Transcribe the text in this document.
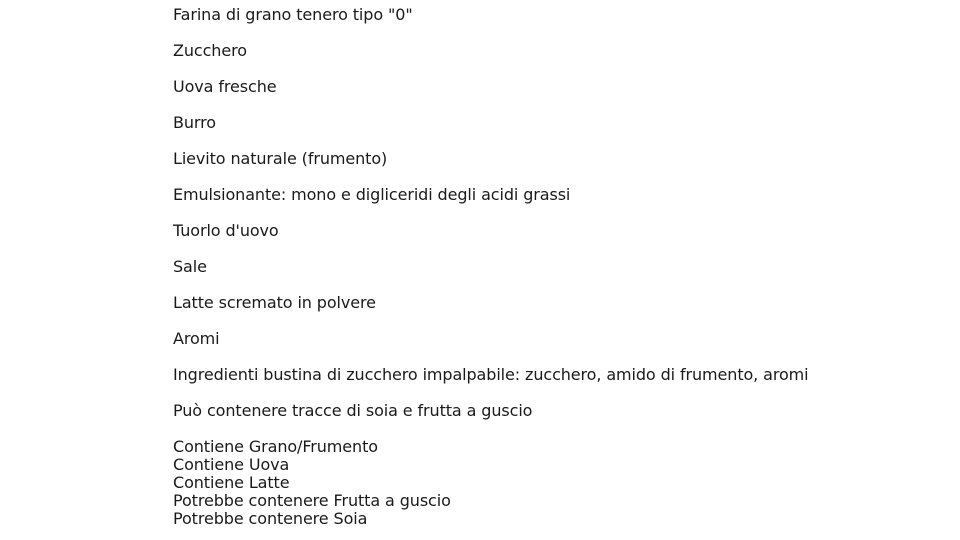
Farina di grano tenero tipo "0"
Zucchero
Uova fresche
Burro
Lievito naturale (frumento)
Emulsionante: mono e digliceridi degli acidi grassi
Tuorlo d'uovo
Sale
Latte scremato in polvere
Aromi
Ingredienti bustina di zucchero impalpabile: zucchero, amido di frumento, aromi
Può contenere tracce di soia e frutta a guscio
Contiene Grano/Frumento
Contiene Uova
Contiene Latte
Potrebbe contenere Frutta a guscio
Potrebbe contenere Soia
